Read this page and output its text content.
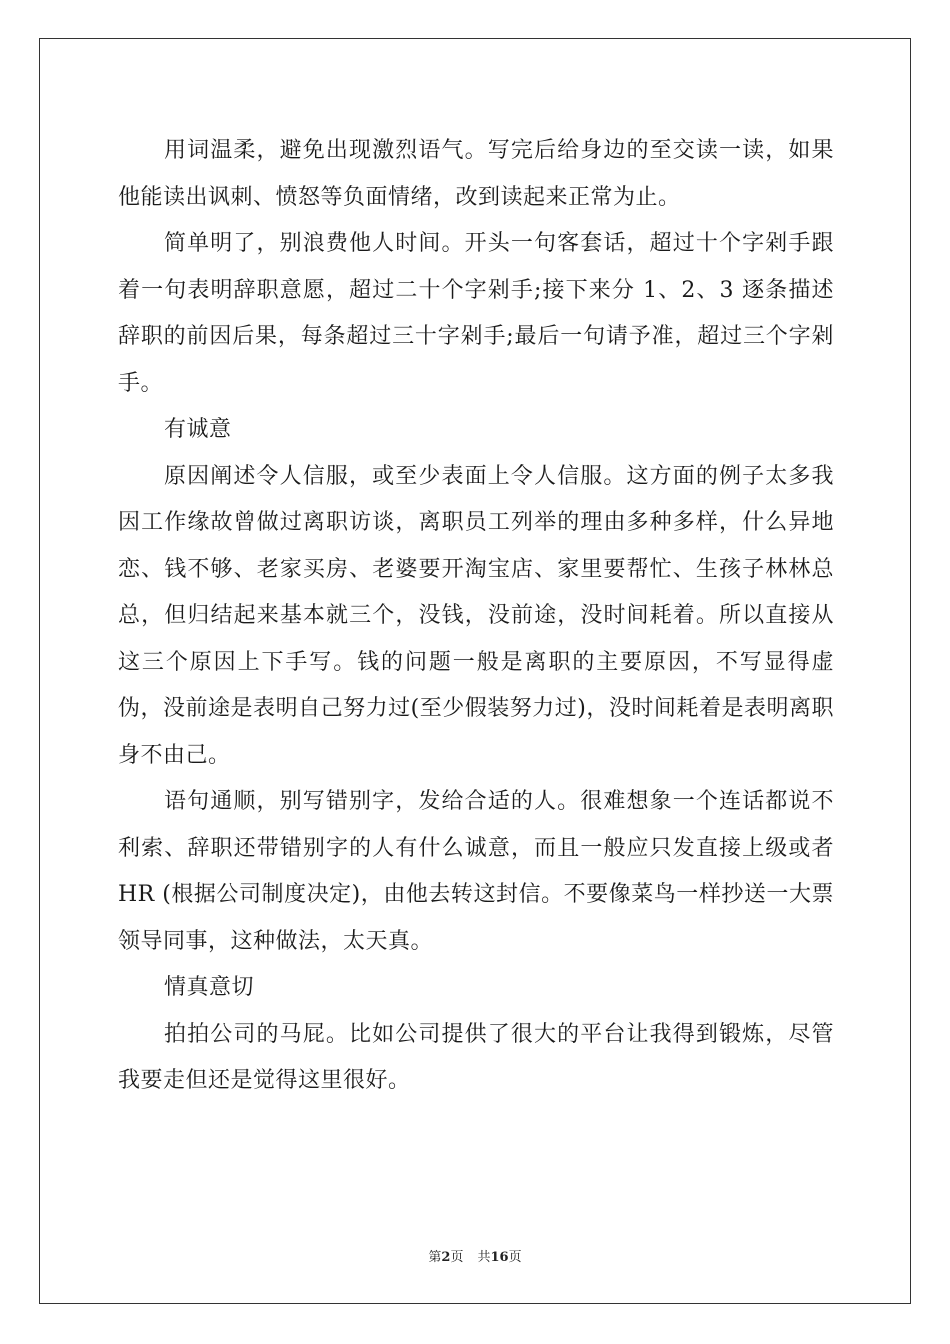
用词温柔，避免出现激烈语气。写完后给身边的至交读一读，如果他能读出讽刺、愤怒等负面情绪，改到读起来正常为止。

简单明了，别浪费他人时间。开头一句客套话，超过十个字剁手跟着一句表明辞职意愿，超过二十个字剁手;接下来分 1、2、3 逐条描述辞职的前因后果，每条超过三十字剁手;最后一句请予准，超过三个字剁手。

有诚意

原因阐述令人信服，或至少表面上令人信服。这方面的例子太多我因工作缘故曾做过离职访谈，离职员工列举的理由多种多样，什么异地恋、钱不够、老家买房、老婆要开淘宝店、家里要帮忙、生孩子林林总总，但归结起来基本就三个，没钱，没前途，没时间耗着。所以直接从这三个原因上下手写。钱的问题一般是离职的主要原因，不写显得虚伪，没前途是表明自己努力过(至少假装努力过)，没时间耗着是表明离职身不由己。

语句通顺，别写错别字，发给合适的人。很难想象一个连话都说不利索、辞职还带错别字的人有什么诚意，而且一般应只发直接上级或者 HR (根据公司制度决定)，由他去转这封信。不要像菜鸟一样抄送一大票领导同事，这种做法，太天真。

情真意切

拍拍公司的马屁。比如公司提供了很大的平台让我得到锻炼，尽管我要走但还是觉得这里很好。

第2页 共16页
